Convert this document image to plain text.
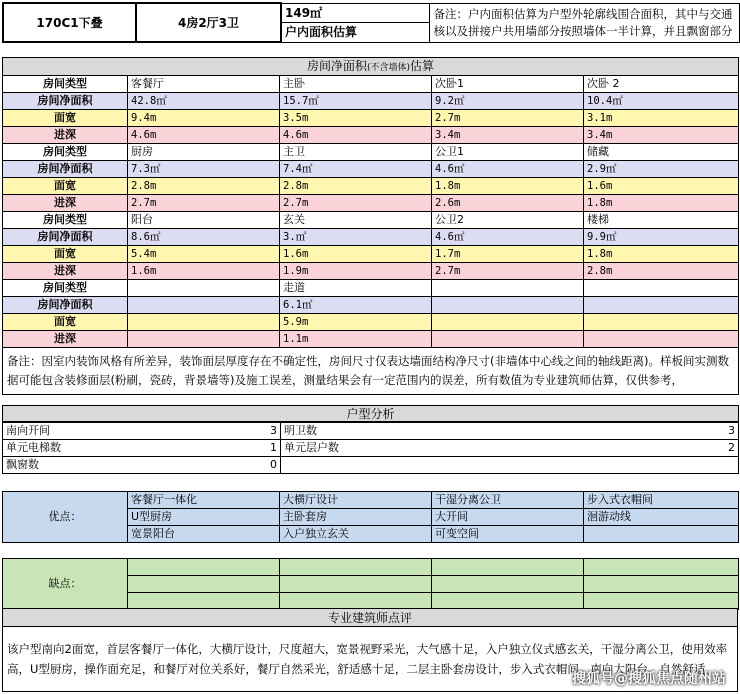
170C1下叠	4房2厅3卫	149㎡	备注：户内面积估算为户型外轮廓线围合面积，其中与交通核以及拼接户共用墙部分按照墙体一半计算，并且飘窗部分
户内面积估算
房间净面积(不含墙体)估算				
房间类型	客餐厅	主卧	次卧1	次卧 2
房间净面积	42.8㎡	15.7㎡	9.2㎡	10.4㎡
面宽	9.4m	3.5m	2.7m	3.1m
进深	4.6m	4.6m	3.4m	3.4m
房间类型	厨房	主卫	公卫1	储藏
房间净面积	7.3㎡	7.4㎡	4.6㎡	2.9㎡
面宽	2.8m	2.8m	1.8m	1.6m
进深	2.7m	2.7m	2.6m	1.8m
房间类型	阳台	玄关	公卫2	楼梯
房间净面积	8.6㎡	3.㎡	4.6㎡	9.9㎡
面宽	5.4m	1.6m	1.7m	1.8m
进深	1.6m	1.9m	2.7m	2.8m
房间类型		走道		
房间净面积		6.1㎡		
面宽		5.9m		
进深		1.1m		
备注：因室内装饰风格有所差异，装饰面层厚度存在不确定性，房间尺寸仅表达墙面结构净尺寸(非墙体中心线之间的轴线距离)。样板间实测数据可能包含装修面层(粉刷，瓷砖，背景墙等)及施工误差，测量结果会有一定范围内的误差，所有数值为专业建筑师估算，仅供参考，				
户型分析
南向开间 3	明卫数 3

单元电梯数 1	单元层户数 2

飘窗数 0	

优点：	客餐厅一体化	大横厅设计	干湿分离公卫	步入式衣帽间
	U型厨房	主卧套房	大开间	洄游动线
	宽景阳台	入户独立玄关	可变空间	
缺点：				

专业建筑师点评
该户型南向2面宽，首层客餐厅一体化，大横厅设计，尺度超大，宽景视野采光，大气感十足，入户独立仪式感玄关，干湿分离公卫，使用效率高，U型厨房，操作面充足，和餐厅对位关系好，餐厅自然采光，舒适感十足，二层主卧套房设计，步入式衣帽间，南向大阳台，自然舒适
搜狐号@搜狐焦点随州站
